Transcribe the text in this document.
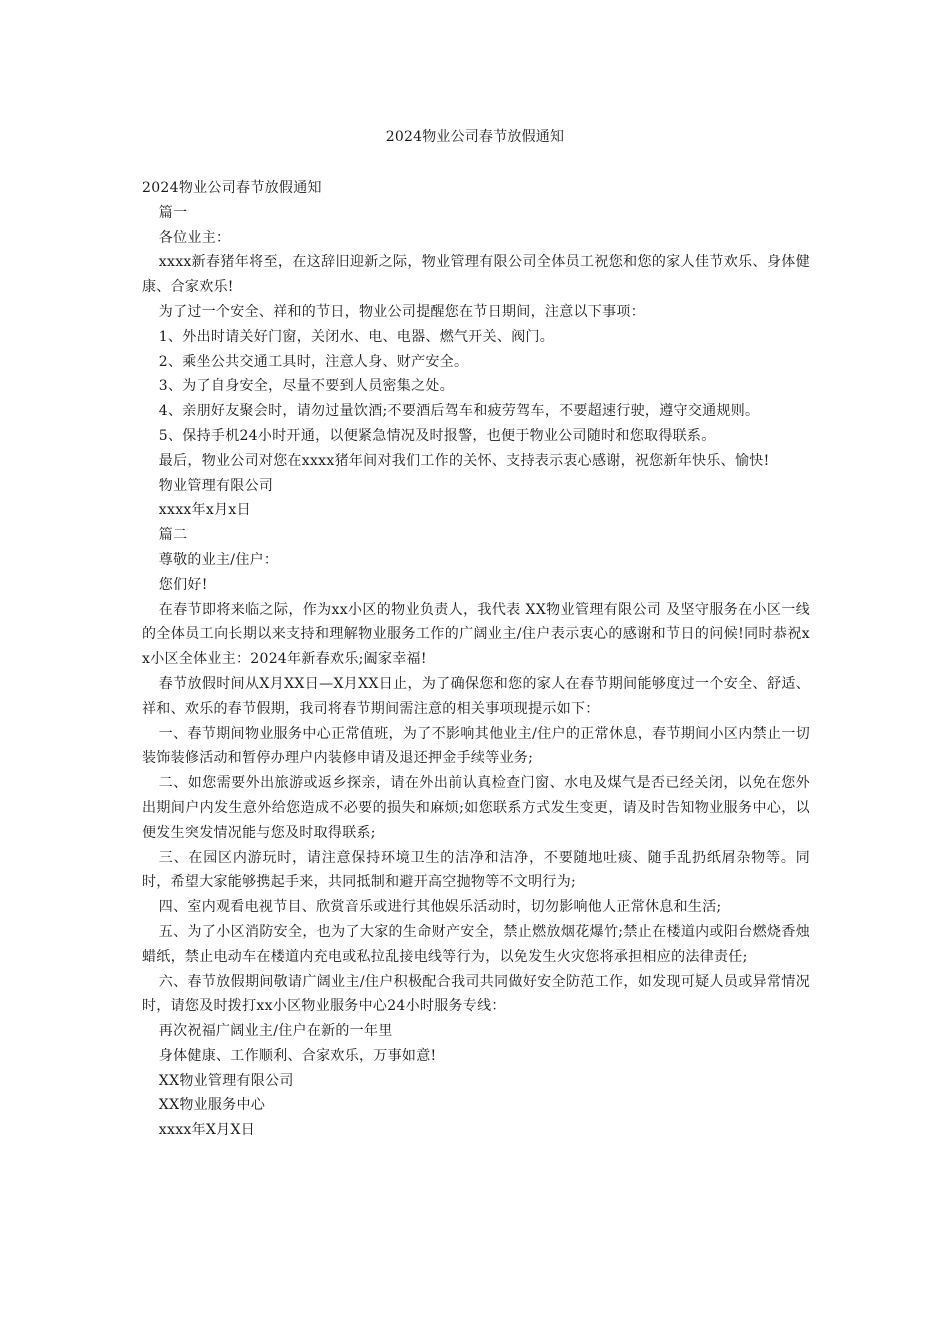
2024物业公司春节放假通知

2024物业公司春节放假通知

篇一

各位业主：

xxxx新春猪年将至，在这辞旧迎新之际，物业管理有限公司全体员工祝您和您的家人佳节欢乐、身体健康、合家欢乐!

为了过一个安全、祥和的节日，物业公司提醒您在节日期间，注意以下事项：

1、外出时请关好门窗，关闭水、电、电器、燃气开关、阀门。

2、乘坐公共交通工具时，注意人身、财产安全。

3、为了自身安全，尽量不要到人员密集之处。

4、亲朋好友聚会时，请勿过量饮酒;不要酒后驾车和疲劳驾车，不要超速行驶，遵守交通规则。

5、保持手机24小时开通，以便紧急情况及时报警，也便于物业公司随时和您取得联系。

最后，物业公司对您在xxxx猪年间对我们工作的关怀、支持表示衷心感谢，祝您新年快乐、愉快!

物业管理有限公司

xxxx年x月x日

篇二

尊敬的业主/住户：

您们好!

在春节即将来临之际，作为xx小区的物业负责人，我代表 XX物业管理有限公司 及坚守服务在小区一线的全体员工向长期以来支持和理解物业服务工作的广阔业主/住户表示衷心的感谢和节日的问候!同时恭祝xx小区全体业主：2024年新春欢乐;阖家幸福!

春节放假时间从X月XX日—X月XX日止，为了确保您和您的家人在春节期间能够度过一个安全、舒适、祥和、欢乐的春节假期，我司将春节期间需注意的相关事项现提示如下：

一、春节期间物业服务中心正常值班，为了不影响其他业主/住户的正常休息，春节期间小区内禁止一切装饰装修活动和暂停办理户内装修申请及退还押金手续等业务;

二、如您需要外出旅游或返乡探亲，请在外出前认真检查门窗、水电及煤气是否已经关闭，以免在您外出期间户内发生意外给您造成不必要的损失和麻烦;如您联系方式发生变更，请及时告知物业服务中心，以便发生突发情况能与您及时取得联系;

三、在园区内游玩时，请注意保持环境卫生的洁净和洁净，不要随地吐痰、随手乱扔纸屑杂物等。同时，希望大家能够携起手来，共同抵制和避开高空抛物等不文明行为;

四、室内观看电视节目、欣赏音乐或进行其他娱乐活动时，切勿影响他人正常休息和生活;

五、为了小区消防安全，也为了大家的生命财产安全，禁止燃放烟花爆竹;禁止在楼道内或阳台燃烧香烛蜡纸，禁止电动车在楼道内充电或私拉乱接电线等行为，以免发生火灾您将承担相应的法律责任;

六、春节放假期间敬请广阔业主/住户积极配合我司共同做好安全防范工作，如发现可疑人员或异常情况时，请您及时拨打xx小区物业服务中心24小时服务专线：

再次祝福广阔业主/住户在新的一年里

身体健康、工作顺利、合家欢乐，万事如意!

XX物业管理有限公司

XX物业服务中心

xxxx年X月X日
